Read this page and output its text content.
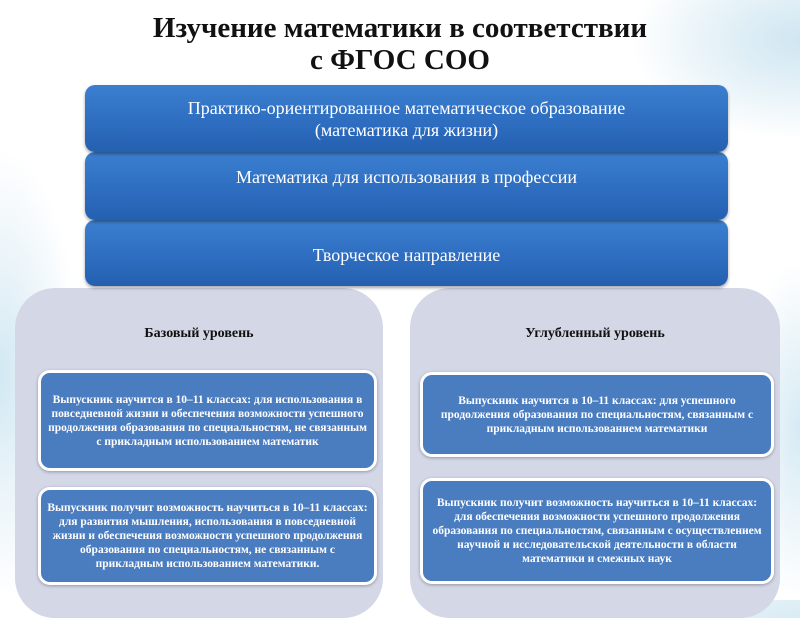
Изучение математики в соответствии
с ФГОС СОО
Практико-ориентированное математическое образование
(математика для жизни)
Математика для использования в профессии
Творческое направление
Базовый уровень
Выпускник научится в 10–11 классах: для использования в повседневной жизни и обеспечения возможности успешного продолжения образования по специальностям, не связанным с прикладным использованием математик
Выпускник получит возможность научиться в 10–11 классах: для развития мышления, использования в повседневной жизни и обеспечения возможности успешного продолжения образования по специальностям, не связанным с прикладным использованием математики.
Углубленный уровень
Выпускник научится в 10–11 классах: для успешного продолжения образования по специальностям, связанным с прикладным использованием математики
Выпускник получит возможность научиться в 10–11 классах: для обеспечения возможности успешного продолжения образования по специальностям, связанным с осуществлением научной и исследовательской деятельности в области математики и смежных наук
